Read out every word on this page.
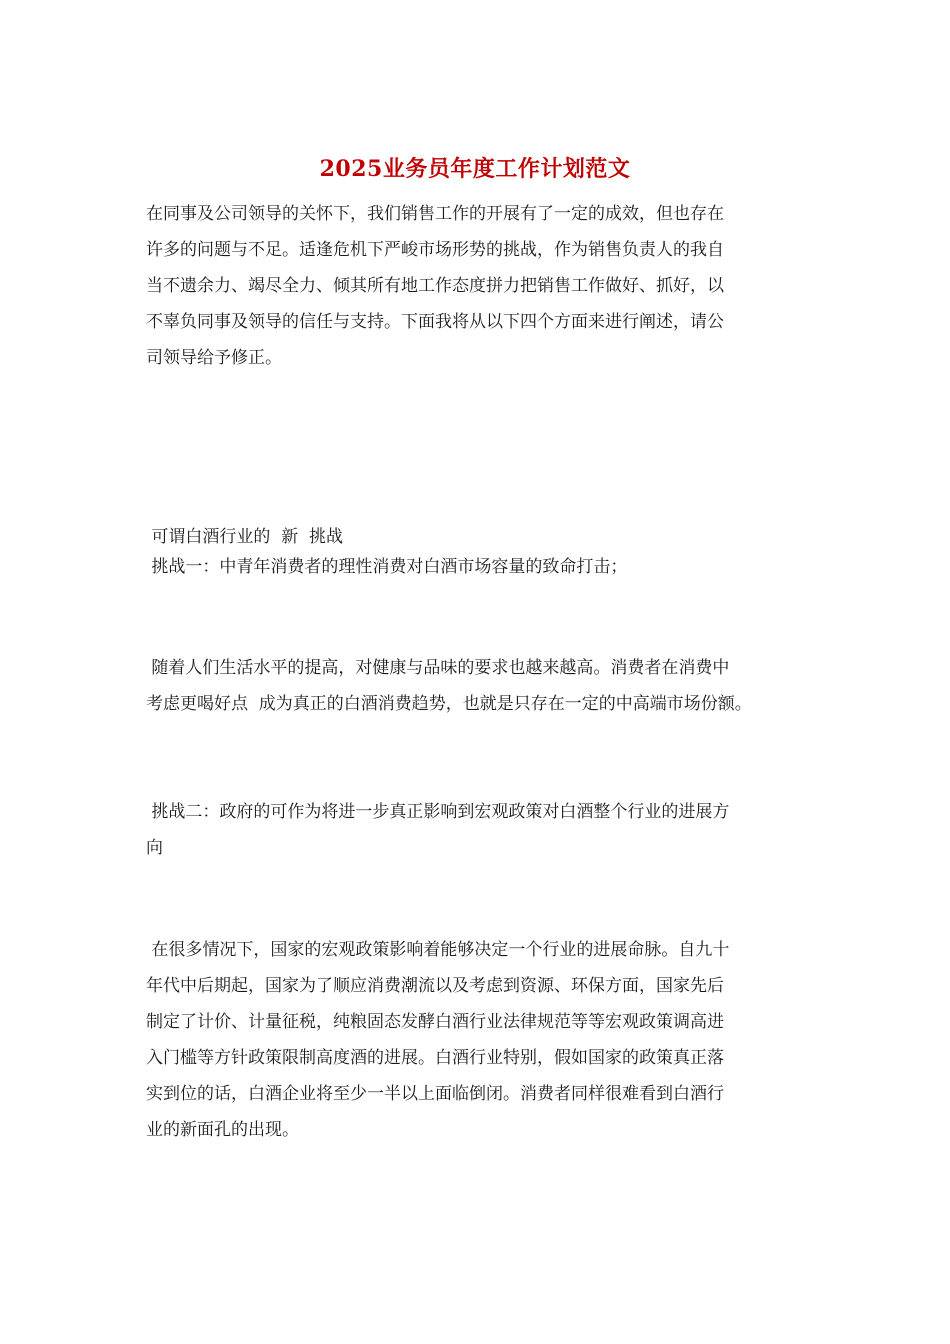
2025业务员年度工作计划范文

在同事及公司领导的关怀下，我们销售工作的开展有了一定的成效，但也存在
许多的问题与不足。适逢危机下严峻市场形势的挑战，作为销售负责人的我自
当不遗余力、竭尽全力、倾其所有地工作态度拼力把销售工作做好、抓好，以
不辜负同事及领导的信任与支持。下面我将从以下四个方面来进行阐述，请公
司领导给予修正。

可谓白酒行业的  新  挑战

挑战一：中青年消费者的理性消费对白酒市场容量的致命打击；

随着人们生活水平的提高，对健康与品味的要求也越来越高。消费者在消费中
考虑更喝好点  成为真正的白酒消费趋势，也就是只存在一定的中高端市场份额。

挑战二：政府的可作为将进一步真正影响到宏观政策对白酒整个行业的进展方
向

在很多情况下，国家的宏观政策影响着能够决定一个行业的进展命脉。自九十
年代中后期起，国家为了顺应消费潮流以及考虑到资源、环保方面，国家先后
制定了计价、计量征税，纯粮固态发酵白酒行业法律规范等等宏观政策调高进
入门槛等方针政策限制高度酒的进展。白酒行业特别，假如国家的政策真正落
实到位的话，白酒企业将至少一半以上面临倒闭。消费者同样很难看到白酒行
业的新面孔的出现。
